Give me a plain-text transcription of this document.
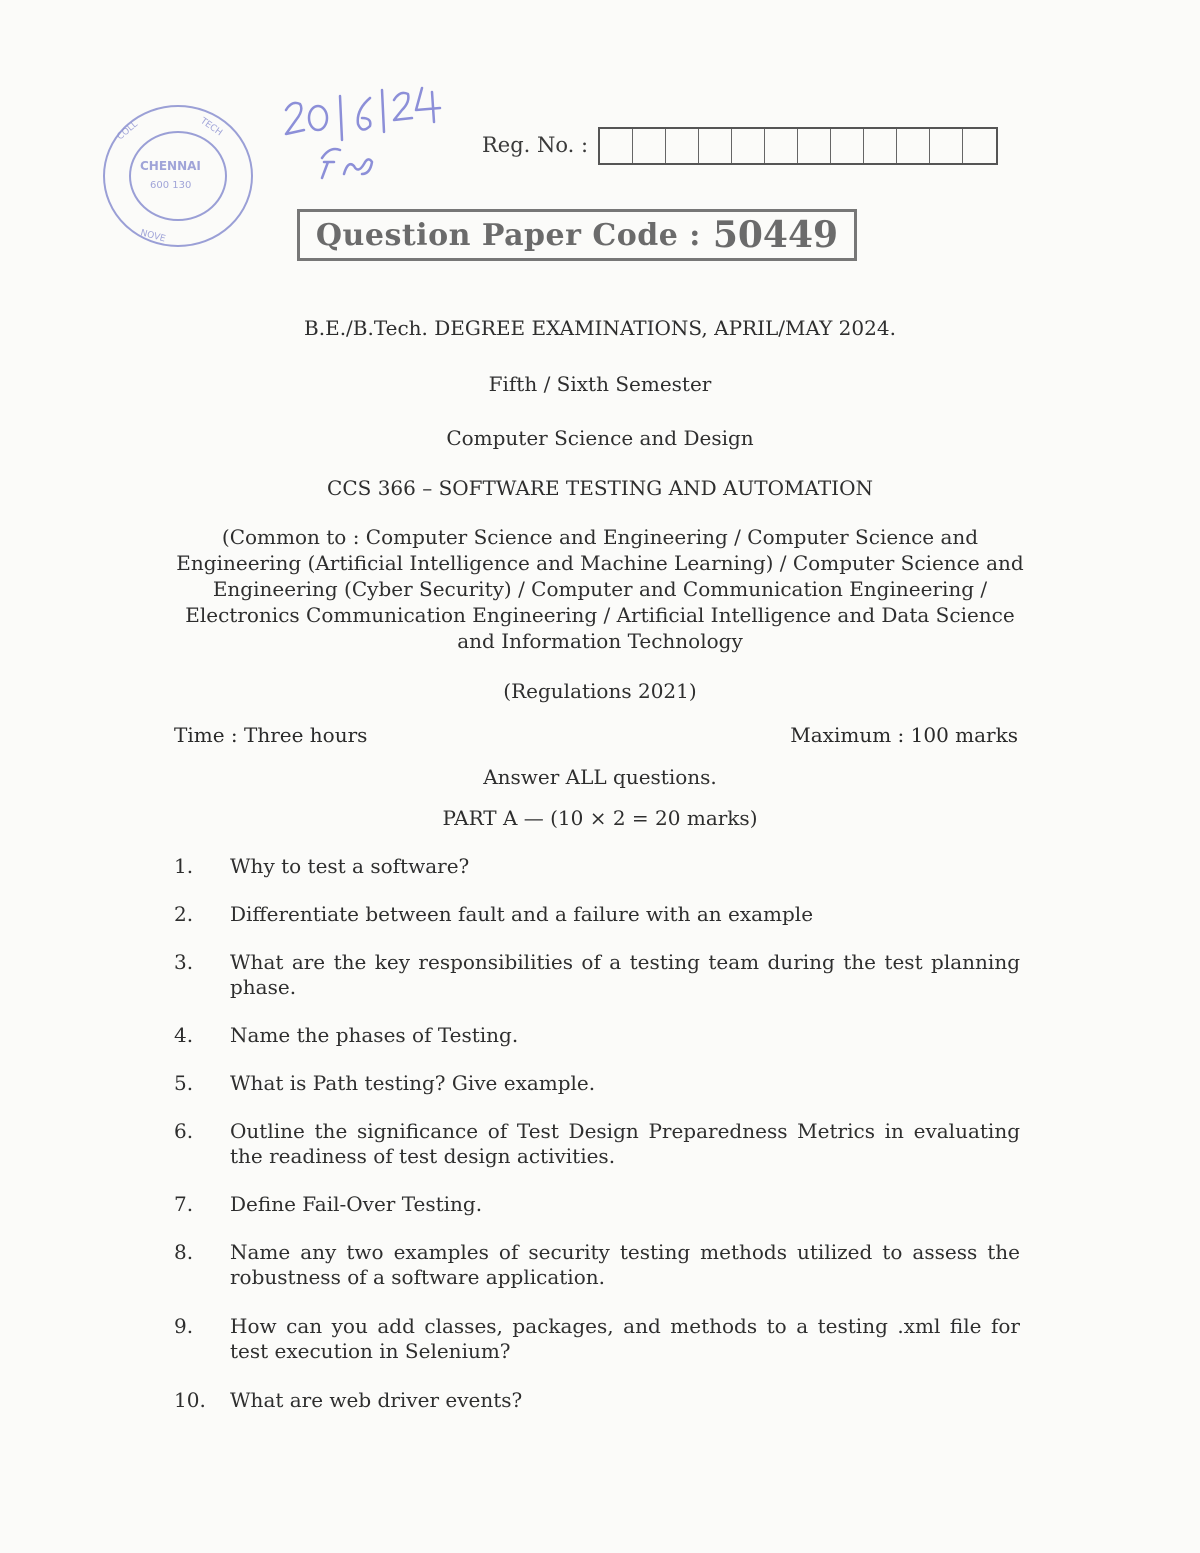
CHENNAI
600 130
COLL	TECH
NOVE
Reg. No. :
Question Paper Code : 50449
B.E./B.Tech. DEGREE EXAMINATIONS, APRIL/MAY 2024.
Fifth / Sixth Semester
Computer Science and Design
CCS 366 – SOFTWARE TESTING AND AUTOMATION
(Common to : Computer Science and Engineering / Computer Science and
Engineering (Artificial Intelligence and Machine Learning) / Computer Science and
Engineering (Cyber Security) / Computer and Communication Engineering /
Electronics Communication Engineering / Artificial Intelligence and Data Science
and Information Technology
(Regulations 2021)
Time : Three hours	Maximum : 100 marks
Answer ALL questions.
PART A — (10 × 2 = 20 marks)
1.	Why to test a software?
2.	Differentiate between fault and a failure with an example
3.	What are the key responsibilities of a testing team during the test planning phase.
4.	Name the phases of Testing.
5.	What is Path testing? Give example.
6.	Outline the significance of Test Design Preparedness Metrics in evaluating the readiness of test design activities.
7.	Define Fail-Over Testing.
8.	Name any two examples of security testing methods utilized to assess the robustness of a software application.
9.	How can you add classes, packages, and methods to a testing .xml file for test execution in Selenium?
10.	What are web driver events?
